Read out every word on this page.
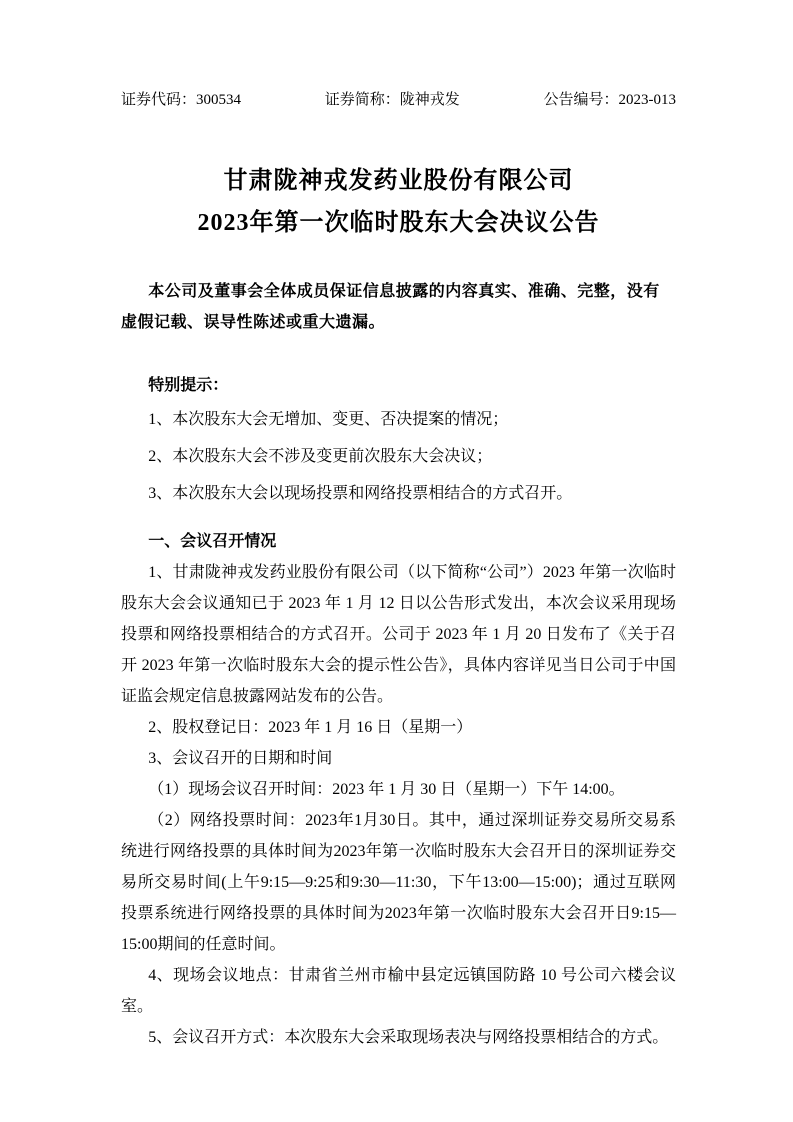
证券代码：300534	证券简称：陇神戎发	公告编号：2023-013
甘肃陇神戎发药业股份有限公司
2023年第一次临时股东大会决议公告

本公司及董事会全体成员保证信息披露的内容真实、准确、完整，没有虚假记载、误导性陈述或重大遗漏。

特别提示：

1、本次股东大会无增加、变更、否决提案的情况；

2、本次股东大会不涉及变更前次股东大会决议；

3、本次股东大会以现场投票和网络投票相结合的方式召开。

一、会议召开情况

1、甘肃陇神戎发药业股份有限公司（以下简称“公司”）2023 年第一次临时股东大会会议通知已于 2023 年 1 月 12 日以公告形式发出，本次会议采用现场投票和网络投票相结合的方式召开。公司于 2023 年 1 月 20 日发布了《关于召开 2023 年第一次临时股东大会的提示性公告》，具体内容详见当日公司于中国证监会规定信息披露网站发布的公告。

2、股权登记日：2023 年 1 月 16 日（星期一）

3、会议召开的日期和时间

（1）现场会议召开时间：2023 年 1 月 30 日（星期一）下午 14:00。

（2）网络投票时间：2023年1月30日。其中，通过深圳证券交易所交易系统进行网络投票的具体时间为2023年第一次临时股东大会召开日的深圳证券交易所交易时间(上午9:15—9:25和9:30—11:30，下午13:00—15:00)；通过互联网投票系统进行网络投票的具体时间为2023年第一次临时股东大会召开日9:15—15:00期间的任意时间。

4、现场会议地点：甘肃省兰州市榆中县定远镇国防路 10 号公司六楼会议室。

5、会议召开方式：本次股东大会采取现场表决与网络投票相结合的方式。
